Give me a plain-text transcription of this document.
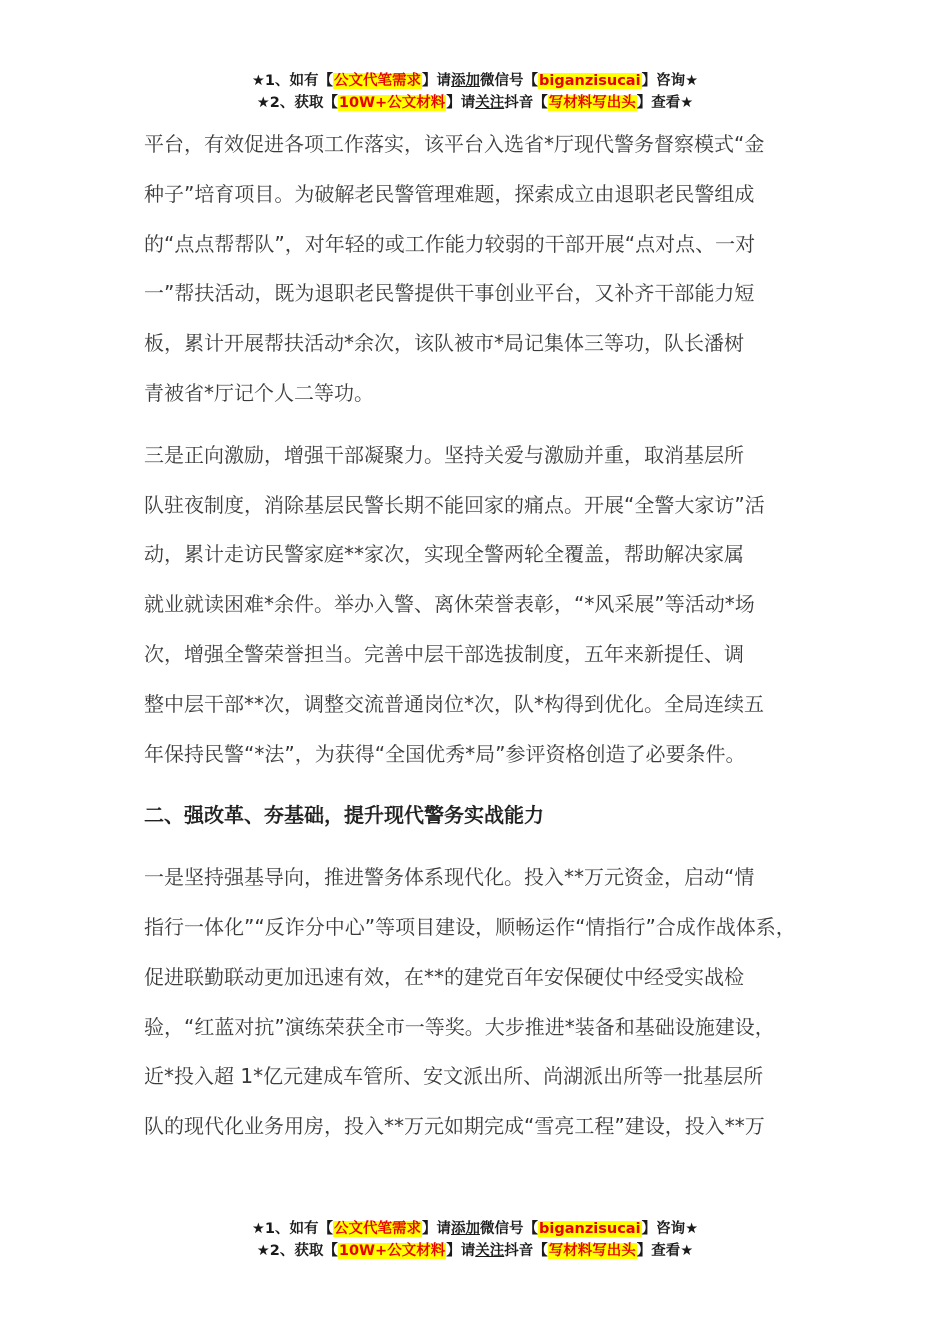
★1、如有【公文代笔需求】请添加微信号【biganzisucai】咨询★
★2、获取【10W+公文材料】请关注抖音【写材料写出头】查看★

平台，有效促进各项工作落实，该平台入选省*厅现代警务督察模式“金
种子”培育项目。为破解老民警管理难题，探索成立由退职老民警组成
的“点点帮帮队”，对年轻的或工作能力较弱的干部开展“点对点、一对
一”帮扶活动，既为退职老民警提供干事创业平台，又补齐干部能力短
板，累计开展帮扶活动*余次，该队被市*局记集体三等功，队长潘树
青被省*厅记个人二等功。

三是正向激励，增强干部凝聚力。坚持关爱与激励并重，取消基层所
队驻夜制度，消除基层民警长期不能回家的痛点。开展“全警大家访”活
动，累计走访民警家庭**家次，实现全警两轮全覆盖，帮助解决家属
就业就读困难*余件。举办入警、离休荣誉表彰，“*风采展”等活动*场
次，增强全警荣誉担当。完善中层干部选拔制度，五年来新提任、调
整中层干部**次，调整交流普通岗位*次，队*构得到优化。全局连续五
年保持民警“*法”，为获得“全国优秀*局”参评资格创造了必要条件。

二、强改革、夯基础，提升现代警务实战能力

一是坚持强基导向，推进警务体系现代化。投入**万元资金，启动“情
指行一体化”“反诈分中心”等项目建设，顺畅运作“情指行”合成作战体系，
促进联勤联动更加迅速有效，在**的建党百年安保硬仗中经受实战检
验，“红蓝对抗”演练荣获全市一等奖。大步推进*装备和基础设施建设，
近*投入超 1*亿元建成车管所、安文派出所、尚湖派出所等一批基层所
队的现代化业务用房，投入**万元如期完成“雪亮工程”建设，投入**万

★1、如有【公文代笔需求】请添加微信号【biganzisucai】咨询★
★2、获取【10W+公文材料】请关注抖音【写材料写出头】查看★
